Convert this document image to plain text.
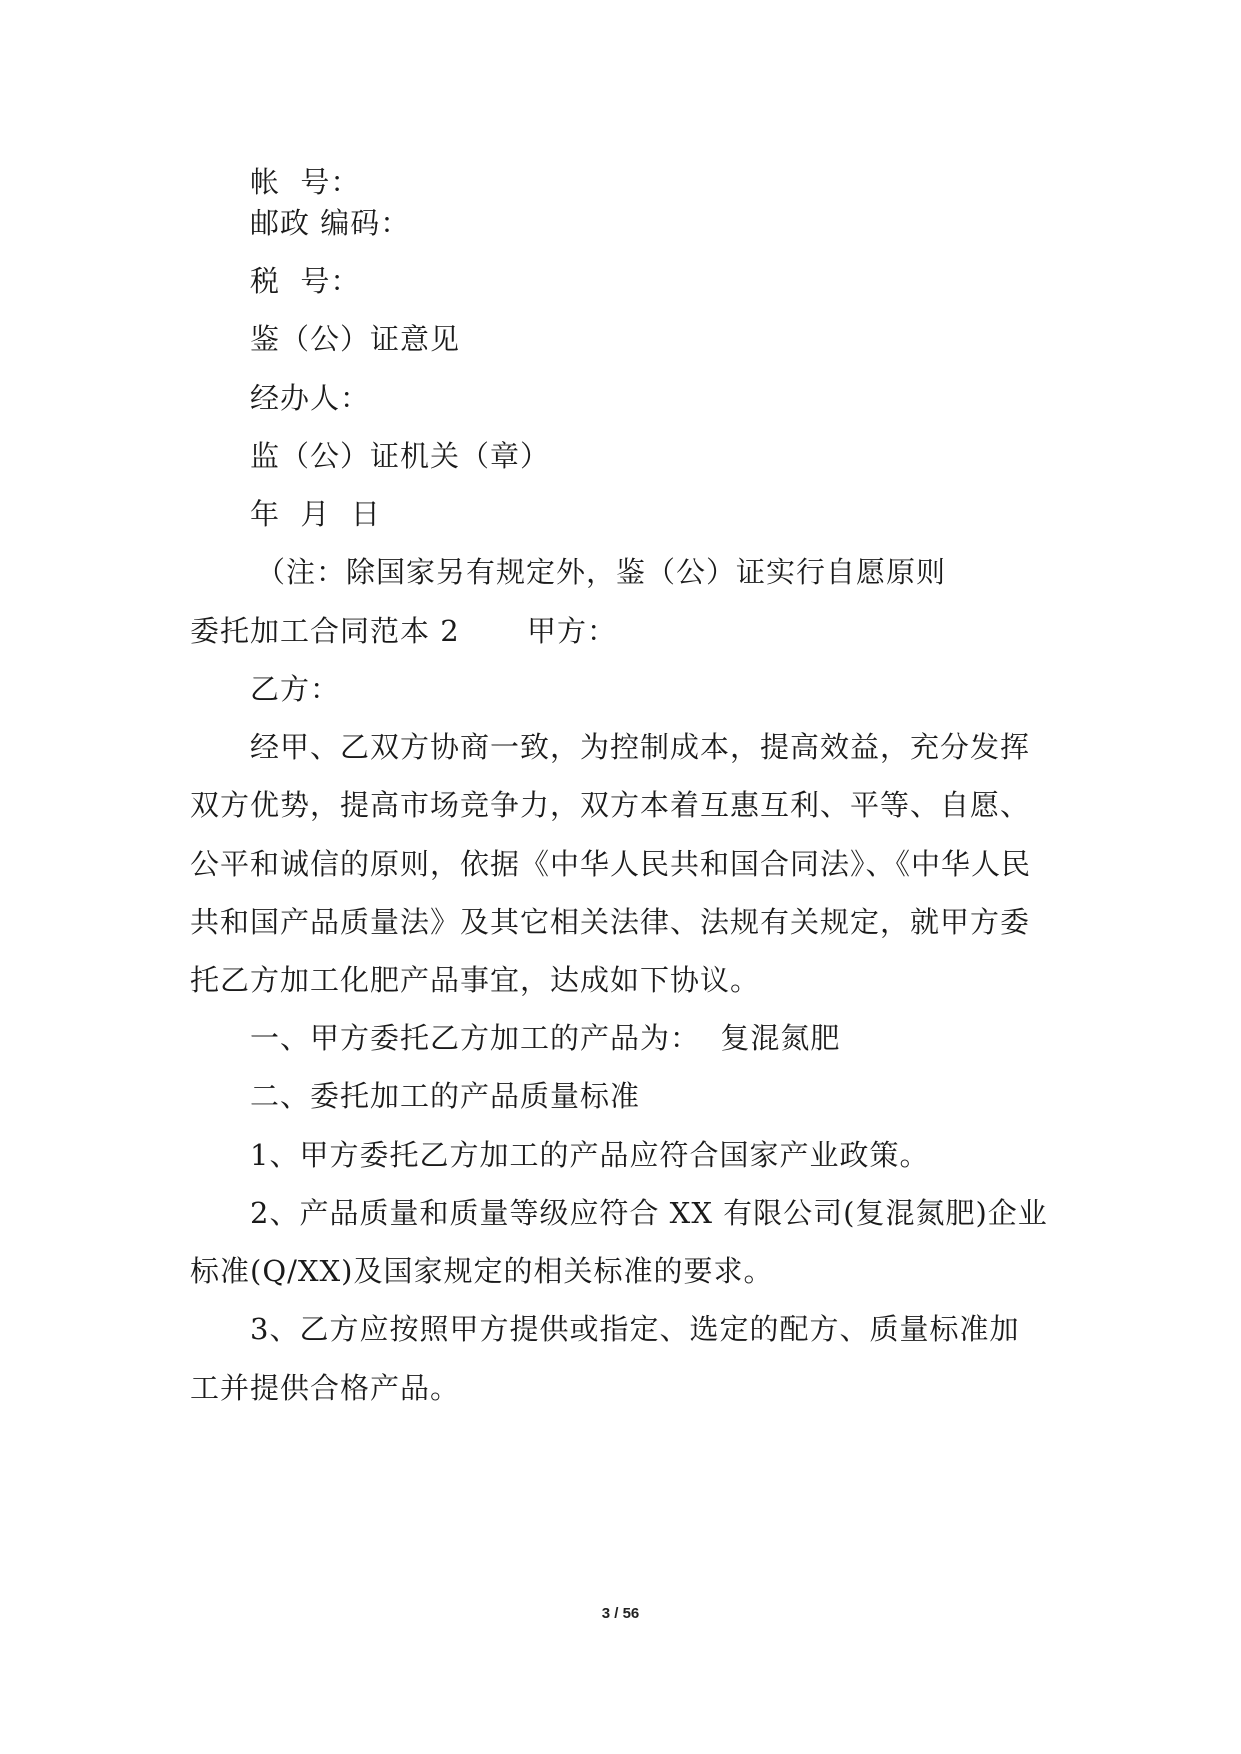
帐  号：
邮政 编码：
税  号：
鉴（公）证意见
经办人：
监（公）证机关（章）
年  月  日
（注：除国家另有规定外，鉴（公）证实行自愿原则
委托加工合同范本 2 甲方：
乙方：
经甲、乙双方协商一致，为控制成本，提高效益，充分发挥
双方优势，提高市场竞争力，双方本着互惠互利、平等、自愿、
公平和诚信的原则，依据《中华人民共和国合同法》、《中华人民
共和国产品质量法》及其它相关法律、法规有关规定，就甲方委
托乙方加工化肥产品事宜，达成如下协议。
一、甲方委托乙方加工的产品为：  复混氮肥
二、委托加工的产品质量标准
1、甲方委托乙方加工的产品应符合国家产业政策。
2、产品质量和质量等级应符合 XX 有限公司(复混氮肥)企业
标准(Q/XX)及国家规定的相关标准的要求。
3、乙方应按照甲方提供或指定、选定的配方、质量标准加
工并提供合格产品。
3 / 56
